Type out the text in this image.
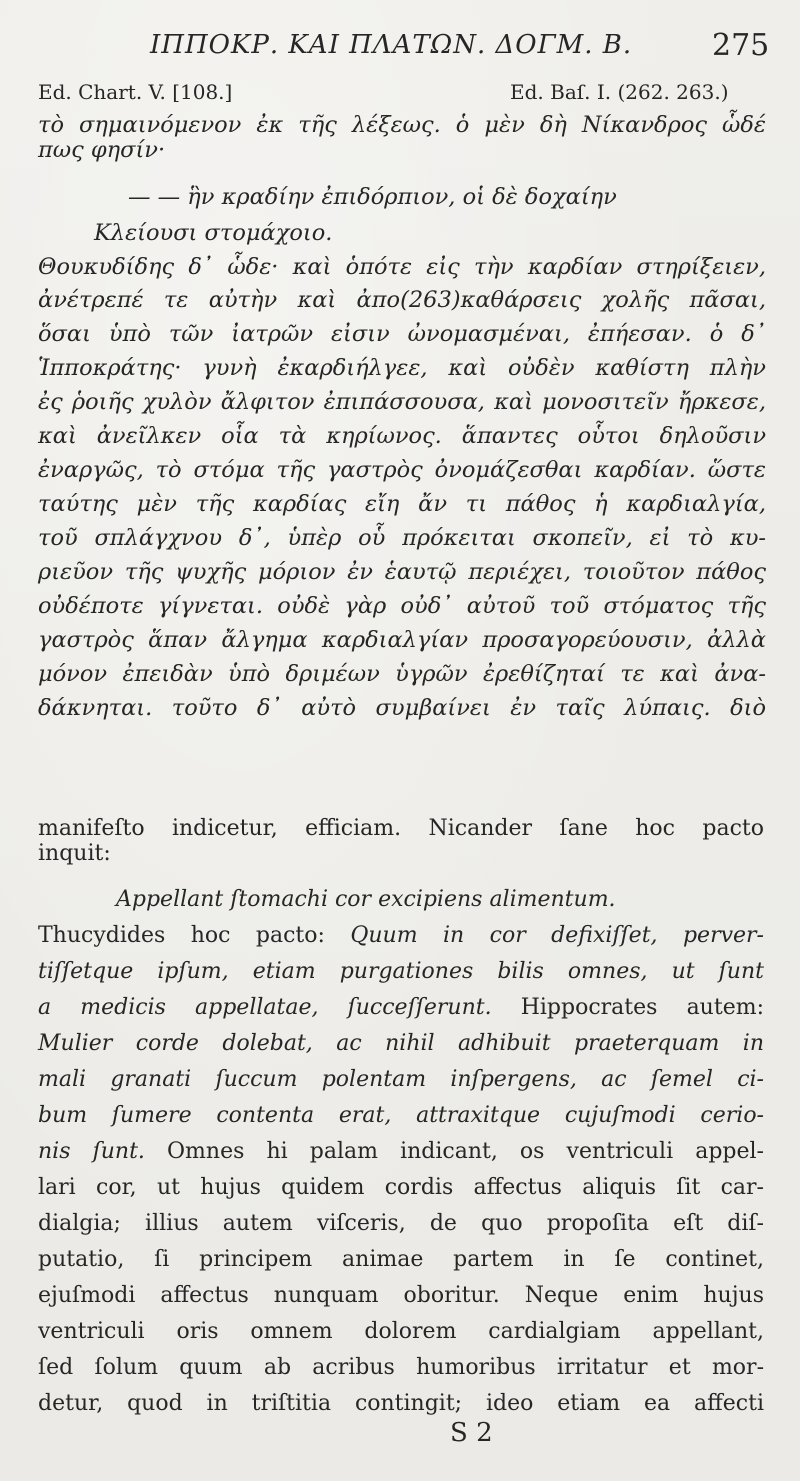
ΙΠΠΟΚΡ. ΚΑΙ ΠΛΑΤΩΝ. ΔΟΓΜ. Β.	275
Ed. Chart. V. [108.]	Ed. Baſ. I. (262. 263.)
τὸ σημαινόμενον ἐκ τῆς λέξεως. ὁ μὲν δὴ Νίκανδρος ὧδέ
πως φησίν·
— — ἣν κραδίην ἐπιδόρπιον, οἱ δὲ δοχαίην
Κλείουσι στομάχοιο.
Θουκυδίδης δ᾽ ὧδε· καὶ ὁπότε εἰς τὴν καρδίαν στηρίξειεν,
ἀνέτρεπέ τε αὐτὴν καὶ ἀπο(263)καθάρσεις χολῆς πᾶσαι,
ὅσαι ὑπὸ τῶν ἰατρῶν εἰσιν ὠνομασμέναι, ἐπήεσαν. ὁ δ᾽
Ἱπποκράτης· γυνὴ ἐκαρδιήλγεε, καὶ οὐδὲν καθίστη πλὴν
ἐς ῥοιῆς χυλὸν ἄλφιτον ἐπιπάσσουσα, καὶ μονοσιτεῖν ἤρκεσε,
καὶ ἀνεῖλκεν οἷα τὰ κηρίωνος. ἅπαντες οὗτοι δηλοῦσιν
ἐναργῶς, τὸ στόμα τῆς γαστρὸς ὀνομάζεσθαι καρδίαν. ὥστε
ταύτης μὲν τῆς καρδίας εἴη ἄν τι πάθος ἡ καρδιαλγία,
τοῦ σπλάγχνου δ᾽, ὑπὲρ οὗ πρόκειται σκοπεῖν, εἰ τὸ κυ-
ριεῦον τῆς ψυχῆς μόριον ἐν ἑαυτῷ περιέχει, τοιοῦτον πάθος
οὐδέποτε γίγνεται. οὐδὲ γὰρ οὐδ᾽ αὐτοῦ τοῦ στόματος τῆς
γαστρὸς ἅπαν ἄλγημα καρδιαλγίαν προσαγορεύουσιν, ἀλλὰ
μόνον ἐπειδὰν ὑπὸ δριμέων ὑγρῶν ἐρεθίζηταί τε καὶ ἀνα-
δάκνηται. τοῦτο δ᾽ αὐτὸ συμβαίνει ἐν ταῖς λύπαις. διὸ
manifeſto indicetur, efficiam. Nicander ſane hoc pacto
inquit:
Appellant ſtomachi cor excipiens alimentum.
Thucydides hoc pacto: Quum in cor defixiſſet, perver-
tiſſetque ipſum, etiam purgationes bilis omnes, ut ſunt
a medicis appellatae, ſucceſſerunt. Hippocrates autem:
Mulier corde dolebat, ac nihil adhibuit praeterquam in
mali granati ſuccum polentam inſpergens, ac ſemel ci-
bum ſumere contenta erat, attraxitque cujuſmodi cerio-
nis ſunt. Omnes hi palam indicant, os ventriculi appel-
lari cor, ut hujus quidem cordis affectus aliquis ſit car-
dialgia; illius autem viſceris, de quo propoſita eſt diſ-
putatio, ſi principem animae partem in ſe continet,
ejuſmodi affectus nunquam oboritur. Neque enim hujus
ventriculi oris omnem dolorem cardialgiam appellant,
ſed ſolum quum ab acribus humoribus irritatur et mor-
detur, quod in triſtitia contingit; ideo etiam ea affecti
S 2
